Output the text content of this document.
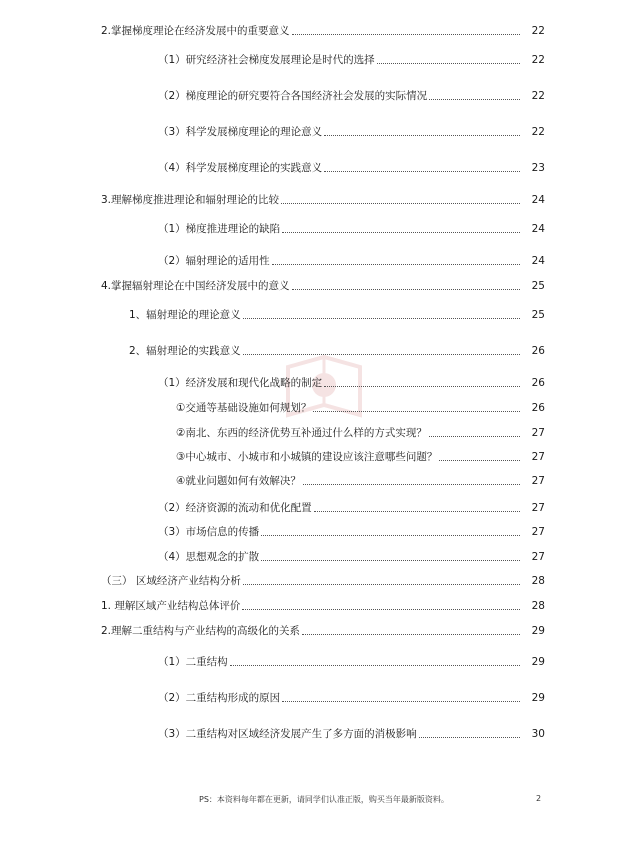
2.掌握梯度理论在经济发展中的重要意义	22
（1）研究经济社会梯度发展理论是时代的选择	22
（2）梯度理论的研究要符合各国经济社会发展的实际情况	22
（3）科学发展梯度理论的理论意义	22
（4）科学发展梯度理论的实践意义	23
3.理解梯度推进理论和辐射理论的比较	24
（1）梯度推进理论的缺陷	24
（2）辐射理论的适用性	24
4.掌握辐射理论在中国经济发展中的意义	25
1、辐射理论的理论意义	25
2、辐射理论的实践意义	26
（1）经济发展和现代化战略的制定	26
①交通等基础设施如何规划？	26
②南北、东西的经济优势互补通过什么样的方式实现？	27
③中心城市、小城市和小城镇的建设应该注意哪些问题？	27
④就业问题如何有效解决？	27
（2）经济资源的流动和优化配置	27
（3）市场信息的传播	27
（4）思想观念的扩散	27
（三） 区域经济产业结构分析	28
1. 理解区域产业结构总体评价	28
2.理解二重结构与产业结构的高级化的关系	29
（1）二重结构	29
（2）二重结构形成的原因	29
（3）二重结构对区域经济发展产生了多方面的消极影响	30
PS：本资料每年都在更新，请同学们认准正版，购买当年最新版资料。	2
